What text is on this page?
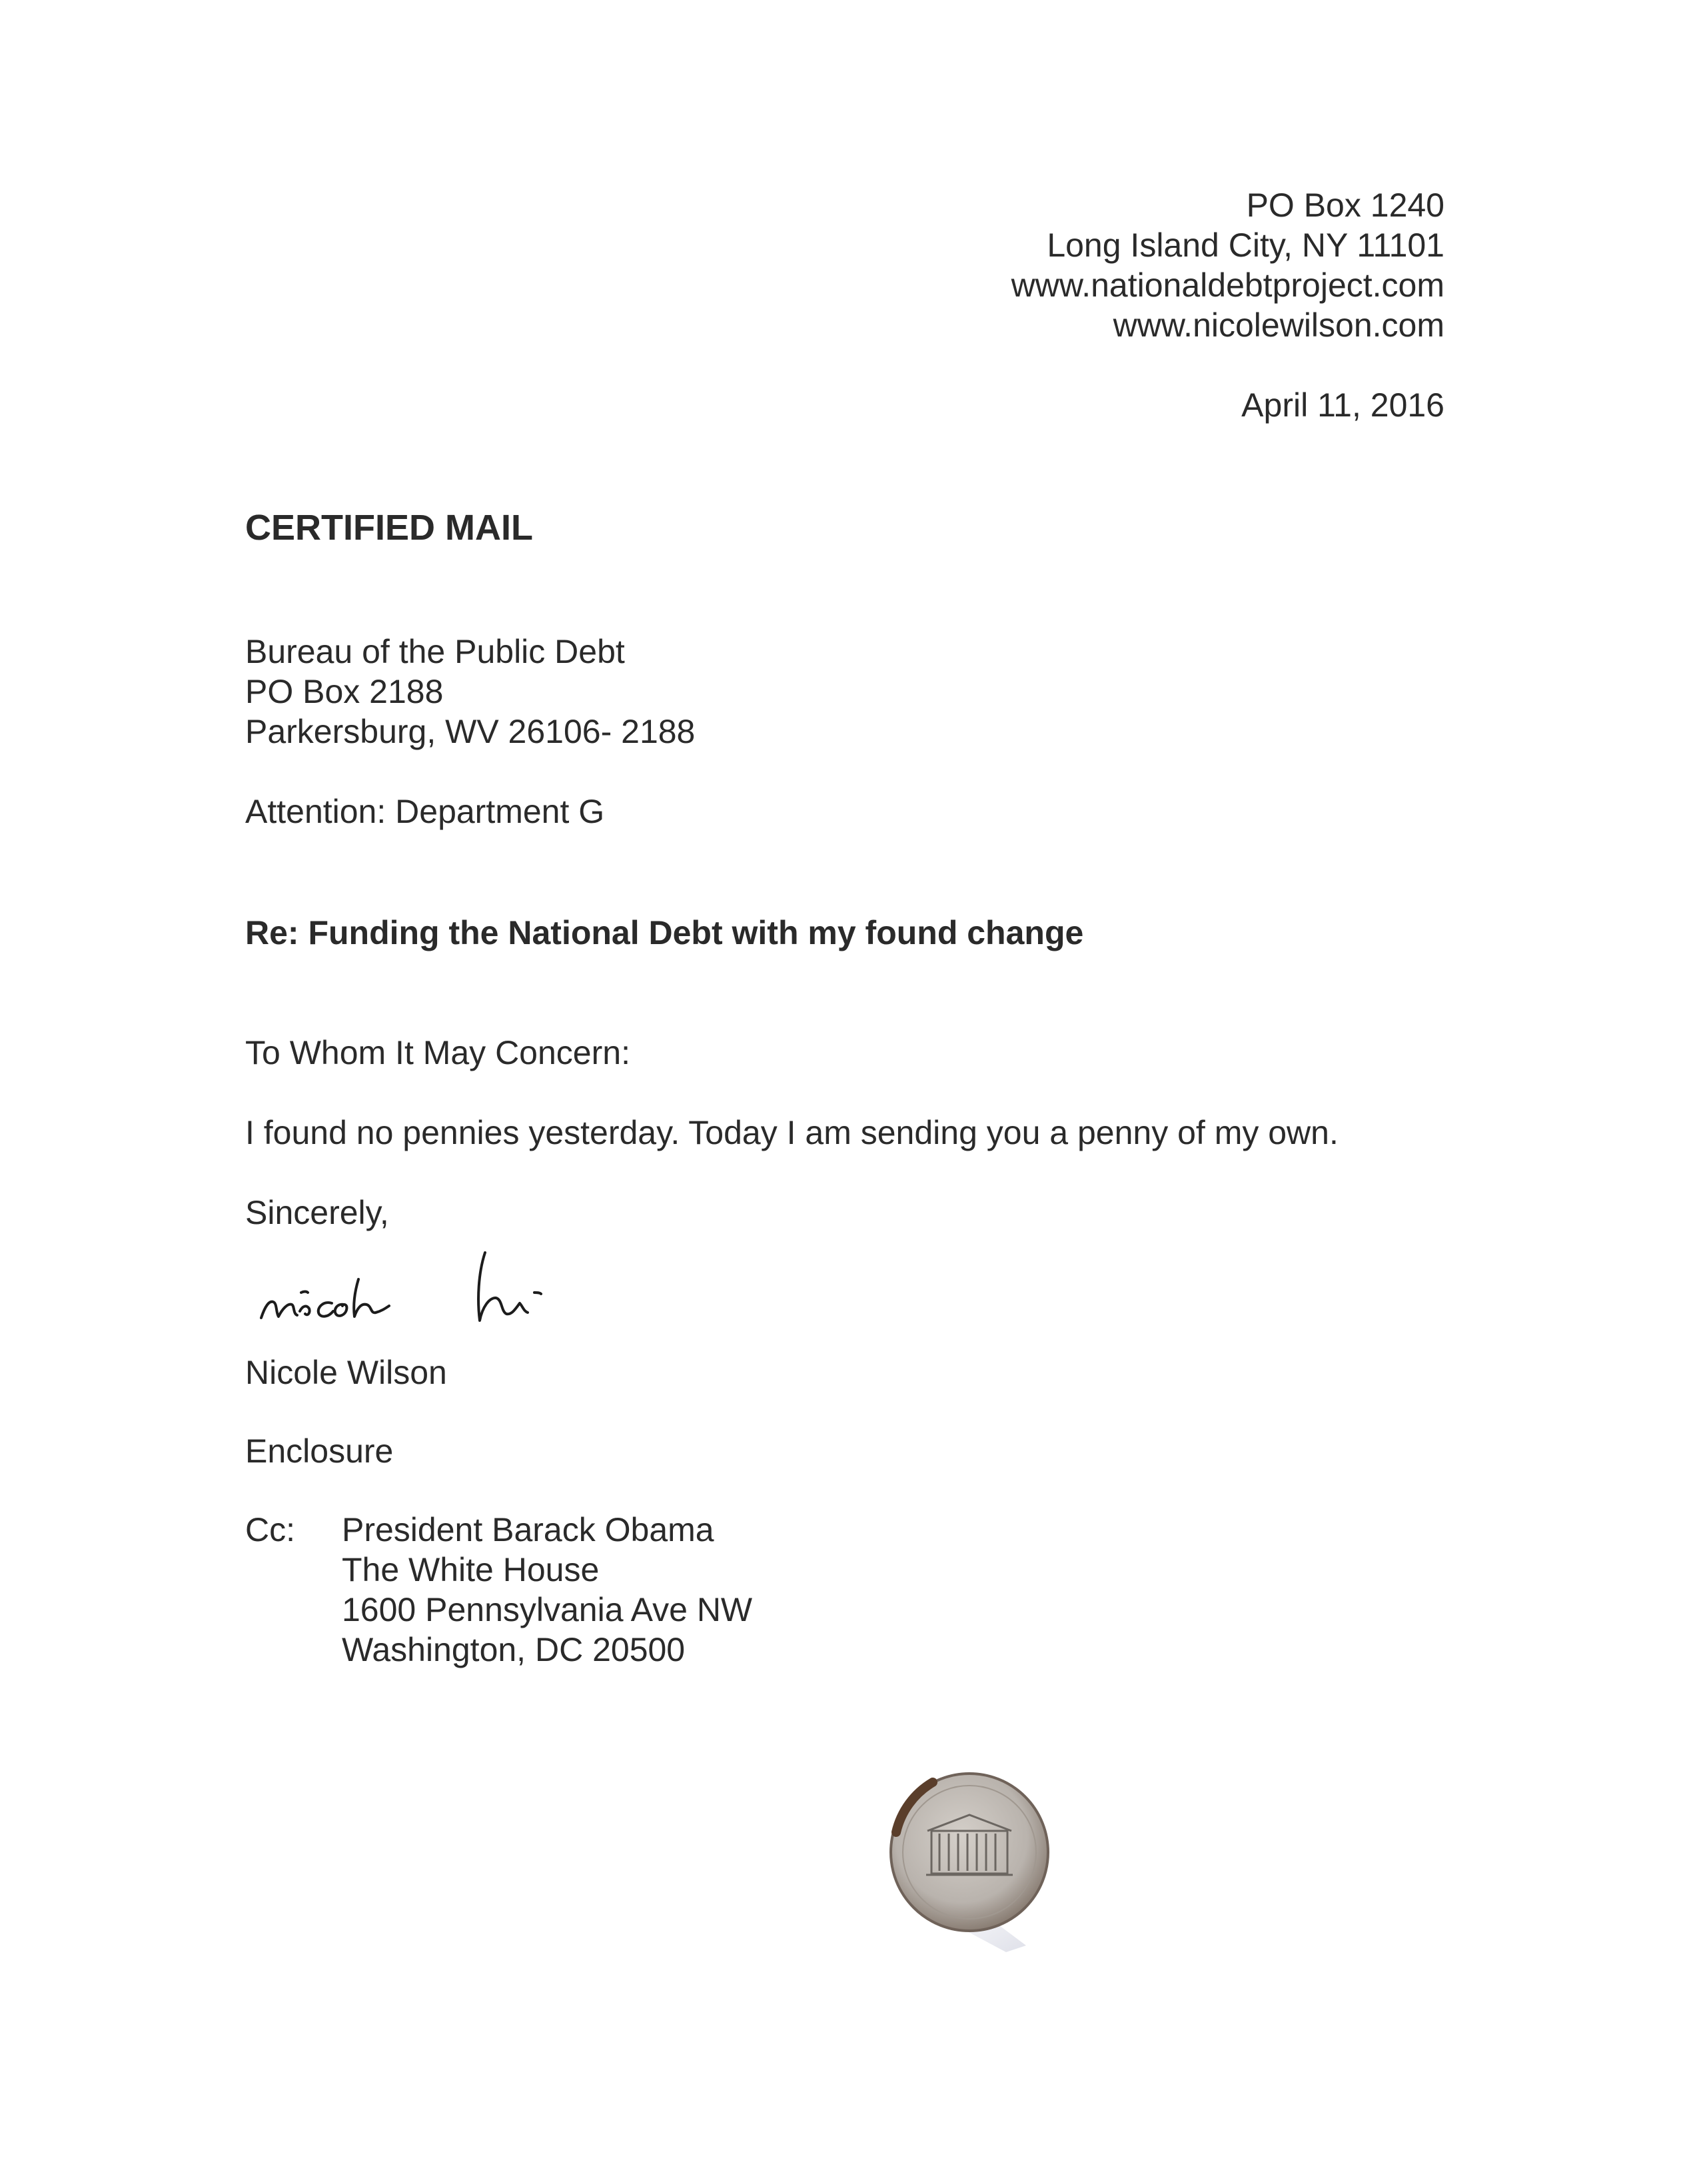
PO Box 1240
Long Island City, NY 11101
www.nationaldebtproject.com
www.nicolewilson.com
April 11, 2016
CERTIFIED MAIL
Bureau of the Public Debt
PO Box 2188
Parkersburg, WV 26106- 2188
Attention: Department G
Re: Funding the National Debt with my found change
To Whom It May Concern:
I found no pennies yesterday. Today I am sending you a penny of my own.
Sincerely,
Nicole Wilson
Enclosure
Cc: President Barack Obama
The White House
1600 Pennsylvania Ave NW
Washington, DC 20500
